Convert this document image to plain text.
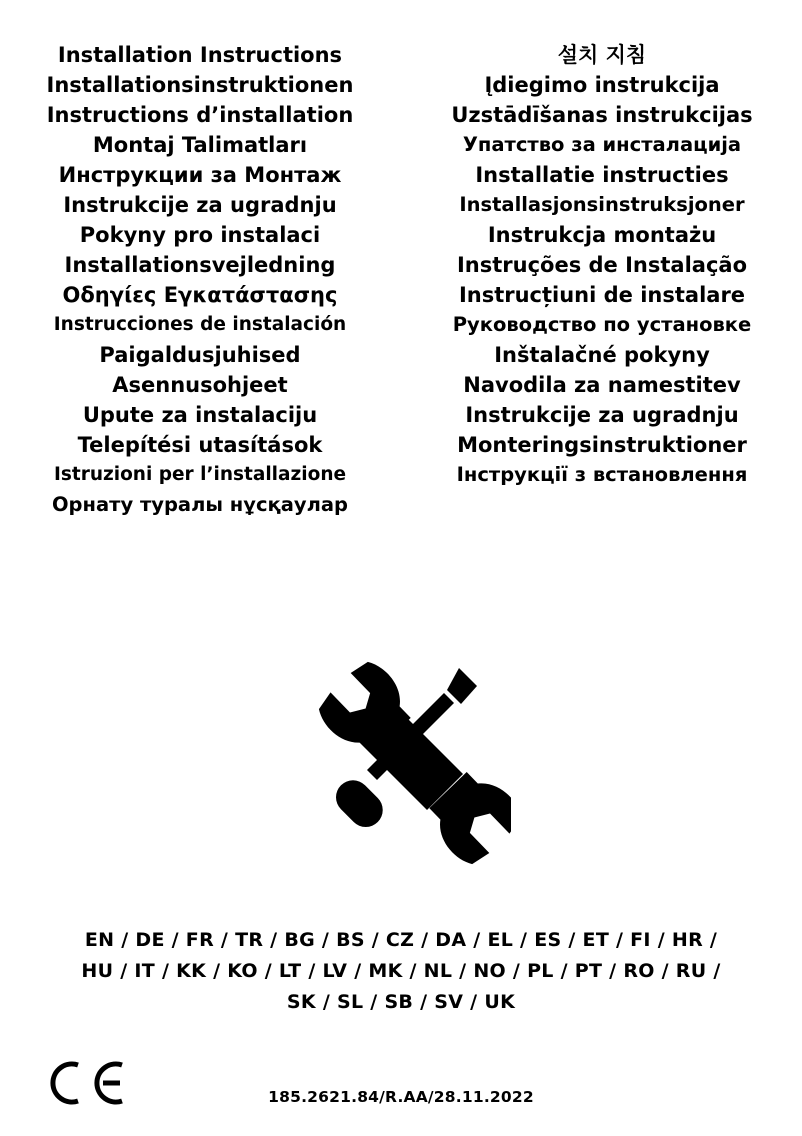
Installation Instructions
Installationsinstruktionen
Instructions d’installation
Montaj Talimatları
Инструкции за Монтаж
Instrukcije za ugradnju
Pokyny pro instalaci
Installationsvejledning
Οδηγίες Εγκατάστασης
Instrucciones de instalación
Paigaldusjuhised
Asennusohjeet
Upute za instalaciju
Telepítési utasítások
Istruzioni per l’installazione
Орнату туралы нұсқаулар
설치 지침
Įdiegimo instrukcija
Uzstādīšanas instrukcijas
Упатство за инсталација
Installatie instructies
Installasjonsinstruksjoner
Instrukcja montażu
Instruções de Instalação
Instrucțiuni de instalare
Руководство по установке
Inštalačné pokyny
Navodila za namestitev
Instrukcije za ugradnju
Monteringsinstruktioner
Інструкції з встановлення
EN / DE / FR / TR / BG / BS / CZ / DA / EL / ES / ET / FI / HR /
HU / IT / KK / KO / LT / LV / MK / NL / NO / PL / PT / RO / RU /
SK / SL / SB / SV / UK
185.2621.84/R.AA/28.11.2022
